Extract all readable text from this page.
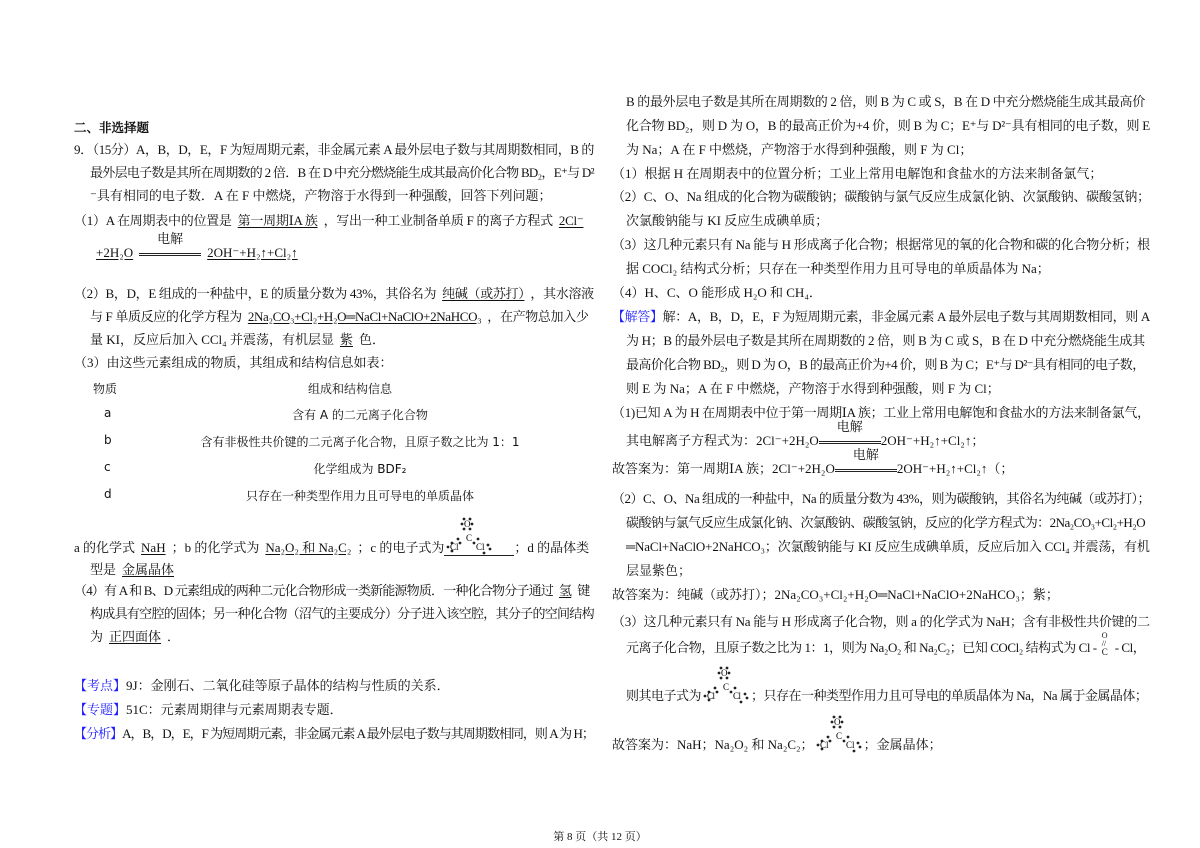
二、非选择题
9．（15分）A，B，D，E，F 为短周期元素，非金属元素 A 最外层电子数与其周期数相同，B 的
最外层电子数是其所在周期数的 2 倍．B 在 D 中充分燃烧能生成其最高价化合物 BD₂，E⁺与 D²
⁻具有相同的电子数．A 在 F 中燃烧，产物溶于水得到一种强酸，回答下列问题；
（1）A 在周期表中的位置是 第一周期ⅠA 族 ，写出一种工业制备单质 F 的离子方程式 2Cl⁻
+2H₂O
电解
2OH⁻+H₂↑+Cl₂↑
（2）B，D，E 组成的一种盐中，E 的质量分数为 43%，其俗名为 纯碱（或苏打） ，其水溶液
与 F 单质反应的化学方程为 2Na₂CO₃+Cl₂+H₂O═NaCl+NaClO+2NaHCO₃ ，在产物总加入少
量 KI，反应后加入 CCl₄ 并震荡，有机层显 紫 色．
（3）由这些元素组成的物质，其组成和结构信息如表：
a 的化学式 NaH ；b 的化学式为 Na₂O₂ 和 Na₂C₂ ；c 的电子式为
O
C
Cl Cl ；d 的晶体类
型是 金属晶体
（4）有 A 和 B、D 元素组成的两种二元化合物形成一类新能源物质．一种化合物分子通过 氢 键
构成具有空腔的固体；另一种化合物（沼气的主要成分）分子进入该空腔，其分子的空间结构
为 正四面体 ．
【考点】9J：金刚石、二氧化硅等原子晶体的结构与性质的关系．
【专题】51C：元素周期律与元素周期表专题．
【分析】A，B，D，E，F 为短周期元素，非金属元素 A 最外层电子数与其周期数相同，则 A 为 H；
B 的最外层电子数是其所在周期数的 2 倍，则 B 为 C 或 S，B 在 D 中充分燃烧能生成其最高价
化合物 BD₂，则 D 为 O，B 的最高正价为+4 价，则 B 为 C；E⁺与 D²⁻具有相同的电子数，则 E
为 Na；A 在 F 中燃烧，产物溶于水得到种强酸，则 F 为 Cl；
（1）根据 H 在周期表中的位置分析；工业上常用电解饱和食盐水的方法来制备氯气；
（2）C、O、Na 组成的化合物为碳酸钠；碳酸钠与氯气反应生成氯化钠、次氯酸钠、碳酸氢钠；
次氯酸钠能与 KI 反应生成碘单质；
（3）这几种元素只有 Na 能与 H 形成离子化合物；根据常见的氧的化合物和碳的化合物分析；根
据 COCl₂ 结构式分析；只存在一种类型作用力且可导电的单质晶体为 Na；
（4）H、C、O 能形成 H₂O 和 CH₄．
【解答】解：A，B，D，E，F 为短周期元素，非金属元素 A 最外层电子数与其周期数相同，则 A
为 H；B 的最外层电子数是其所在周期数的 2 倍，则 B 为 C 或 S，B 在 D 中充分燃烧能生成其
最高价化合物 BD₂，则 D 为 O，B 的最高正价为+4 价，则 B 为 C；E⁺与 D²⁻具有相同的电子数，
则 E 为 Na；A 在 F 中燃烧，产物溶于水得到种强酸，则 F 为 Cl；
（1)已知 A 为 H 在周期表中位于第一周期ⅠA 族；工业上常用电解饱和食盐水的方法来制备氯气，
其电解离子方程式为：2Cl⁻+2H₂O
电解
2OH⁻+H₂↑+Cl₂↑；
故答案为：第一周期ⅠA 族；2Cl⁻+2H₂O
电解
2OH⁻+H₂↑+Cl₂↑（；
（2）C、O、Na 组成的一种盐中，Na 的质量分数为 43%，则为碳酸钠，其俗名为纯碱（或苏打）；
碳酸钠与氯气反应生成氯化钠、次氯酸钠、碳酸氢钠，反应的化学方程式为：2Na₂CO₃+Cl₂+H₂O
═NaCl+NaClO+2NaHCO₃；次氯酸钠能与 KI 反应生成碘单质，反应后加入 CCl₄ 并震荡，有机
层显紫色；
故答案为：纯碱（或苏打）；2Na₂CO₃+Cl₂+H₂O═NaCl+NaClO+2NaHCO₃；紫；
（3）这几种元素只有 Na 能与 H 形成离子化合物，则 a 的化学式为 NaH；含有非极性共价键的二
元离子化合物，且原子数之比为 1：1，则为 Na₂O₂ 和 Na₂C₂；已知 COCl₂ 结构式为 Cl -
O
//
C - Cl，
则其电子式为
O
C
Cl Cl ；只存在一种类型作用力且可导电的单质晶体为 Na，Na 属于金属晶体；
故答案为：NaH；Na₂O₂ 和 Na₂C₂；
O
C
Cl Cl ；金属晶体；
物质	组成和结构信息
a	含有 A 的二元离子化合物
b	含有非极性共价键的二元离子化合物，且原子数之比为 1：1
c	化学组成为 BDF₂
d	只存在一种类型作用力且可导电的单质晶体
第 8 页（共 12 页）
